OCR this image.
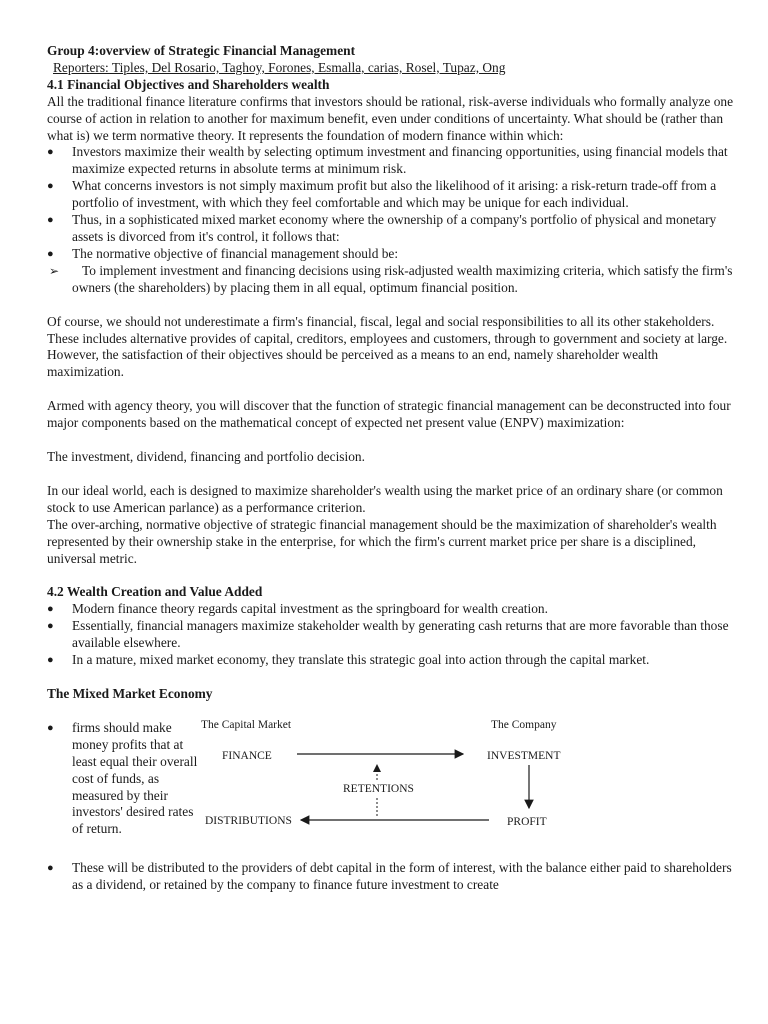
Group 4:overview of Strategic Financial Management

Reporters: Tiples, Del Rosario, Taghoy, Forones, Esmalla, carias, Rosel, Tupaz, Ong

4.1 Financial Objectives and Shareholders wealth

All the traditional finance literature confirms that investors should be rational, risk-averse individuals who formally analyze one course of action in relation to another for maximum benefit, even under conditions of uncertainty. What should be (rather than what is) we term normative theory. It represents the foundation of modern finance within which:

●	Investors maximize their wealth by selecting optimum investment and financing opportunities, using financial models that maximize expected returns in absolute terms at minimum risk.
●	What concerns investors is not simply maximum profit but also the likelihood of it arising: a risk-return trade-off from a portfolio of investment, with which they feel comfortable and which may be unique for each individual.
●	Thus, in a sophisticated mixed market economy where the ownership of a company's portfolio of physical and monetary assets is divorced from it's control, it follows that:
●	The normative objective of financial management should be:
➢ To implement investment and financing decisions using risk-adjusted wealth maximizing criteria, which satisfy the firm's owners (the shareholders) by placing them in all equal, optimum financial position.

Of course, we should not underestimate a firm's financial, fiscal, legal and social responsibilities to all its other stakeholders. These includes alternative provides of capital, creditors, employees and customers, through to government and society at large. However, the satisfaction of their objectives should be perceived as a means to an end, namely shareholder wealth maximization.

Armed with agency theory, you will discover that the function of strategic financial management can be deconstructed into four major components based on the mathematical concept of expected net present value (ENPV) maximization:

The investment, dividend, financing and portfolio decision.

In our ideal world, each is designed to maximize shareholder's wealth using the market price of an ordinary share (or common stock to use American parlance) as a performance criterion.

The over-arching, normative objective of strategic financial management should be the maximization of shareholder's wealth represented by their ownership stake in the enterprise, for which the firm's current market price per share is a disciplined, universal metric.

4.2 Wealth Creation and Value Added

●	Modern finance theory regards capital investment as the springboard for wealth creation.
●	Essentially, financial managers maximize stakeholder wealth by generating cash returns that are more favorable than those available elsewhere.
●	In a mature, mixed market economy, they translate this strategic goal into action through the capital market.

The Mixed Market Economy

● firms should make money profits that at least equal their overall cost of funds, as measured by their investors' desired rates of return.

The Capital Market	The Company
FINANCE	INVESTMENT
RETENTIONS
DISTRIBUTIONS	PROFIT
●	These will be distributed to the providers of debt capital in the form of interest, with the balance either paid to shareholders as a dividend, or retained by the company to finance future investment to create
